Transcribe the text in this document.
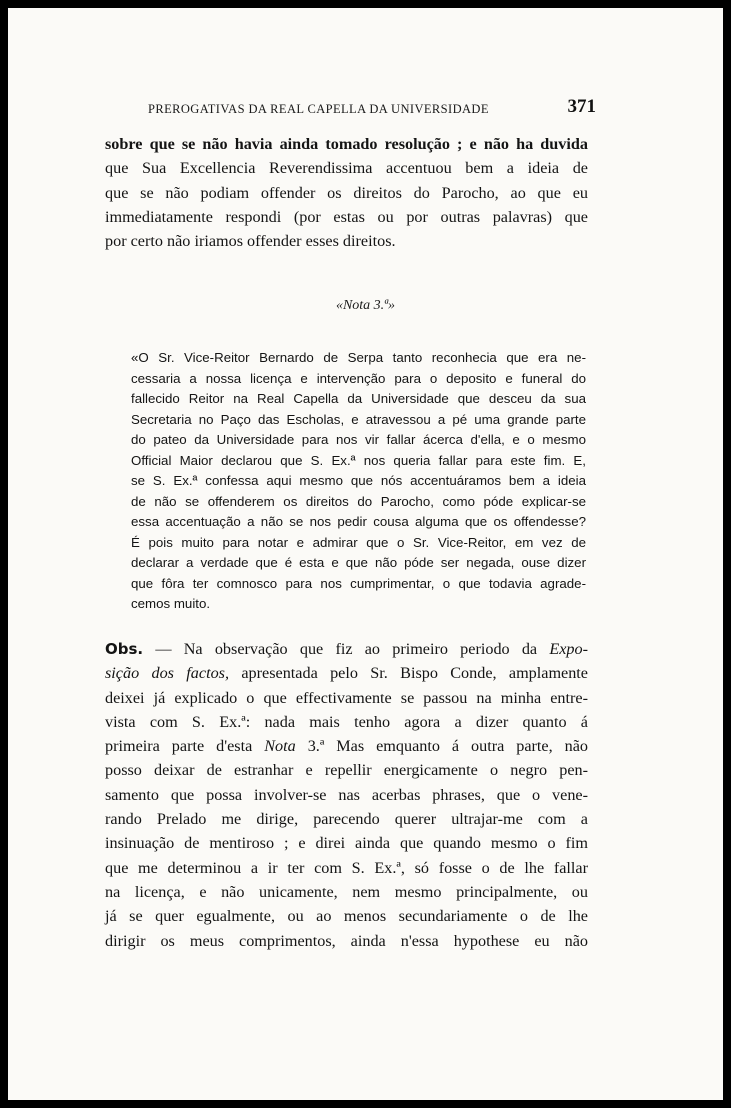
PREROGATIVAS DA REAL CAPELLA DA UNIVERSIDADE	371
sobre que se não havia ainda tomado resolução ; e não ha duvida
que Sua Excellencia Reverendissima accentuou bem a ideia de
que se não podiam offender os direitos do Parocho, ao que eu
immediatamente respondi (por estas ou por outras palavras) que
por certo não iriamos offender esses direitos.
«Nota 3.ª»
«O Sr. Vice-Reitor Bernardo de Serpa tanto reconhecia que era ne-
cessaria a nossa licença e intervenção para o deposito e funeral do
fallecido Reitor na Real Capella da Universidade que desceu da sua
Secretaria no Paço das Escholas, e atravessou a pé uma grande parte
do pateo da Universidade para nos vir fallar ácerca d'ella, e o mesmo
Official Maior declarou que S. Ex.ª nos queria fallar para este fim. E,
se S. Ex.ª confessa aqui mesmo que nós accentuáramos bem a ideia
de não se offenderem os direitos do Parocho, como póde explicar-se
essa accentuação a não se nos pedir cousa alguma que os offendesse?
É pois muito para notar e admirar que o Sr. Vice-Reitor, em vez de
declarar a verdade que é esta e que não póde ser negada, ouse dizer
que fôra ter comnosco para nos cumprimentar, o que todavia agrade-
cemos muito.
Obs. — Na observação que fiz ao primeiro periodo da Expo-
sição dos factos, apresentada pelo Sr. Bispo Conde, amplamente
deixei já explicado o que effectivamente se passou na minha entre-
vista com S. Ex.ª: nada mais tenho agora a dizer quanto á
primeira parte d'esta Nota 3.ª Mas emquanto á outra parte, não
posso deixar de estranhar e repellir energicamente o negro pen-
samento que possa involver-se nas acerbas phrases, que o vene-
rando Prelado me dirige, parecendo querer ultrajar-me com a
insinuação de mentiroso ; e direi ainda que quando mesmo o fim
que me determinou a ir ter com S. Ex.ª, só fosse o de lhe fallar
na licença, e não unicamente, nem mesmo principalmente, ou
já se quer egualmente, ou ao menos secundariamente o de lhe
dirigir os meus comprimentos, ainda n'essa hypothese eu não
